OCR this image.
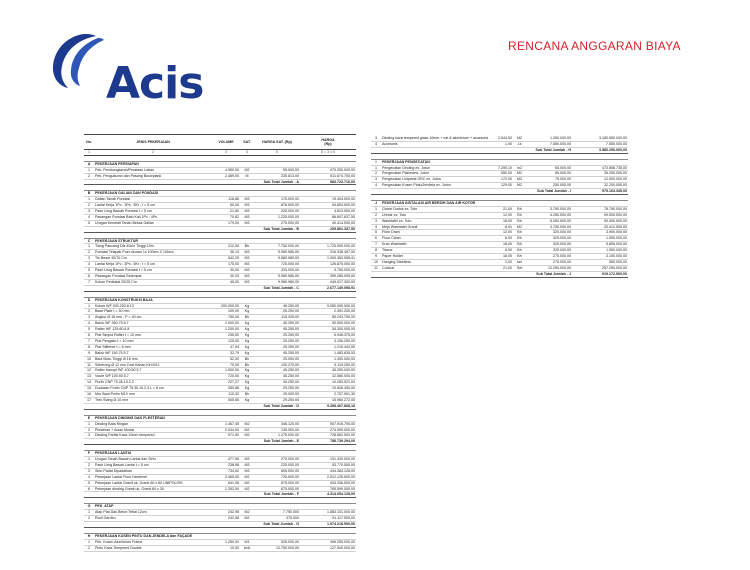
Acis
RENCANA ANGGARAN BIAYA
No.	JENIS PEKERJAAN	VOLUME	SAT.	HARGA SAT. (Rp)	HARGA
(Rp)
1	2	3	4	5	6 = 3 x 5

A	PEKERJAAN PERSIAPAN				
1	Pek. Pembongkaran/Perataan Lahan	4.950,00	M2	95.000,00	470.250.000,00
2	Pek. Pengukuran dan Pasang Bouwplank	2.489,00	M	235.813,00	611.674.700,00
			Sub Total Jumlah - A		983.723.716,00

B	PEKERJAAN GALIAN DAN PONDASI				
1	Galian Tanah Pondasi	118,88	M3	175.000,00	19.404.000,00
2	Lantai Kerja 1Pc : 3Ps : 5Kr ; t = 5 cm	60,00	M3	876.000,00	54.653.000,00
3	Pasir Urug Bawah Pondasi t = 5 cm	21,80	M3	225.000,00	4.813.000,00
4	Pasangan Pondasi Batu Kali 1Pc : 4Ps	70,82	M3	1.225.000,00	86.607.637,50
5	Urugan Kembali Tanah Bekas Galian	179,00	M3	275.000,00	40.414.000,00
			Sub Total Jumlah - B		205.891.337,50

C	PEKERJAAN STRUKTUR				
1	Tiang Pancang Dia 40cm Tinggi 10m	212,00	Bh	7.750.000,00	1.729.000.000,00
2	Pondasi Telapak Poer ukuran 1x 100cm X 100cm	36,13	M3	9.980.980,00	316.338.497,00
3	Tie Beam 40/70 Cm	542,29	M3	9.980.980,00	1.000.363.956,41
4	Lantai Kerja 1Pc : 3Ps : 5Kr ; t = 5 cm	175,00	M3	725.000,00	126.875.000,00
5	Pasir Urug Bawah Pondasi t = 5 cm	30,00	M3	325.000,00	9.750.000,00
6	Pasangan Pondasi Setempat	40,03	M3	9.980.980,00	399.285.099,00
7	Kolom Pedestal 25/25 Cm	45,00	M3	9.980.980,00	449.917.300,00
			Sub Total Jumlah - C		2.677.149.098,91

D	PEKERJAAN KONSTRUKSI BAJA				
1	Kolom WF 400.200.8.13	200.000,00	Kg	45.250,00	9.050.000.000,00
2	Base Plate t = 30 mm	109,00	Kg	25.250,00	2.491.250,00
3	Angkur Ø 16 mm ; P = 40 cm	750,00	Bh	115.325,00	85.243.750,00
4	Balok WF 350.75.5.7	2.000,00	Kg	45.250,00	90.500.000,00
5	Rafter WF 125.60.6.8	1.200,00	Kg	45.250,00	54.300.000,00
6	Plat Simpul Rafter t = 10 mm	235,50	Kg	25.250,00	5.946.375,00
7	Plat Pengaku t = 10 mm	125,00	Kg	25.250,00	3.156.250,00
8	Plat Stiffener t = 6 mm	47,94	Kg	25.250,00	1.210.443,50
9	Balok WF 150.75.5.7	32,79	Kg	45.250,00	1.483.835,53
10	Baut Mutu Tinggi Ø 16 mm	52,00	Bh	25.000,00	1.300.000,00
11	Sekerong Ø 12 mm Drat Kanan Kiri M12	70,00	Bh	130.275,00	9.119.250,00
12	Rafter Kanopi WF 100.50.5.7	1.000,00	Kg	45.250,00	45.250.000,00
13	Voute WF 100.50.5.7	720,00	Kg	45.250,00	32.580.000,00
14	Purlin CNP 75.35.15.2,3	227,27	Kg	45.250,00	10.283.921,04
15	Dudukan Purlin CNP 75.35.15.2,3 L = 8 cm	359,88	Kg	29.250,00	10.526.490,00
16	Mur Baut Purlin M10 mm	110,32	Bh	25.000,00	2.757.901,30
17	Trek Stang Ø 10 mm	545,65	Kg	29.250,00	15.960.272,00
			Sub Total Jumlah - D		9.398.467.808,18

E	PEKERJAAN DINDING DAN PLESTERAN				
1	Dinding Bata Ringan	1.467,45	M2	346.125,00	507.916.795,00
2	Plesteran + Acian Mortal	2.034,00	M2	135.000,00	274.590.000,00
3	Dinding Partisi Kaca 10mm tempered	571,50	M2	1.275.000,00	728.662.500,00
			Sub Total Jumlah - E		788.739.294,00

F	PEKERJAAN LANTAI				
1	Urugan Tanah Bawah Lantai dan Sirtu	477,96	M3	275.000,00	131.439.000,00
2	Pasir Urug Bawah Lantai t = 5 cm	238,98	M3	225.000,00	53.770.500,00
3	Sirtu Padat Dipadatkan	734,52	M3	605.000,00	444.384.128,00
4	Pekerjaan Lantai Floor Hardener	3.465,00	M2	725.000,00	2.512.125.000,00
5	Pekerjaan Lantai Granit uk. Granit 60 x 60 UNIPOLISH	641,98	M2	675.000,00	433.336.500,00
6	Pekerjaan dinding Granit uk. Granit 60 x 30	1.353,50	M2	675.000,00	765.599.000,00
			Sub Total Jumlah - F		4.314.654.128,00

G	PEK. ATAP				
1	Atap Plat Dak Beton Tebal 12cm	242,98	M2	7.750.000	1.883.101.000,00
2	Roof Garden	242,98	M2	375.000	91.117.500,00
			Sub Total Jumlah - G		1.974.218.500,00

H	PEKERJAAN KUSEN PINTU DAN JENDELA dan FAÇADE				
1	Pek. Kusen Aluminium Frame	1.250,00	M1	325.000,00	406.250.000,00
2	Pintu Kaca Tempered Double	10,00	Unit	12.750.000,00	127.500.000,00
3	Dinding kaca tempered glass 10mm + cat & aluminium + accesoris	2.544,52	M2	1.250.000,00	3.180.650.000,00
4	Accesoris	1,00	Ls	7.550.000,00	7.550.000,00
			Sub Total Jumlah - H		3.580.250.000,00

I	PEKERJAAN PENGECATAN				
1	Pengecatan Dinding ex. Jotun	7.290,10	m2	65.000,00	473.856.735,00
2	Pengecatan Plafondns. Jotun	550,00	M2	65.000,00	35.250.000,00
3	Pengecatan Listplank GRC ex. Jotun	172,00	M2	75.000,00	12.900.000,00
4	Pengecatan Kusen Pintu/Jendela ex. Jotun	129,00	M2	250.000,00	32.250.000,00
			Sub Total Jumlah - I		575.163.335,00

J	PEKERJAAN INSTALASI AIR BERSIH DAN AIR KOTOR				
1	Closet Duduk ex. Toto	21,00	Bh	3.750.000,00	78.750.000,00
2	Urinoir ex. Toto	12,00	Bh	4.250.000,00	09.000.000,00
3	Washtafel ex. Toto	18,00	Bh	5.050.000,00	90.900.000,00
4	Meja Washtafel Granit	8,91	M2	3.750.000,00	33.412.500,00
5	Floor Drain	12,00	Bh	325.000,00	3.900.000,00
6	Floor Clean	6,00	Bh	325.000,00	1.950.000,00
7	Kran Washtafel	18,00	Bh	325.000,00	5.850.000,00
8	Tissue	6,00	Bh	325.000,00	1.950.000,00
9	Paper Holder	18,00	Bh	275.000,00	3.150.000,00
10	Hanging Stainless	2,00	set	275.000,00	550.000,00
11	Cubical	21,00	Set	12.250.000,00	257.250.000,00
			Sub Total Jumlah - J		915.172.500,00
